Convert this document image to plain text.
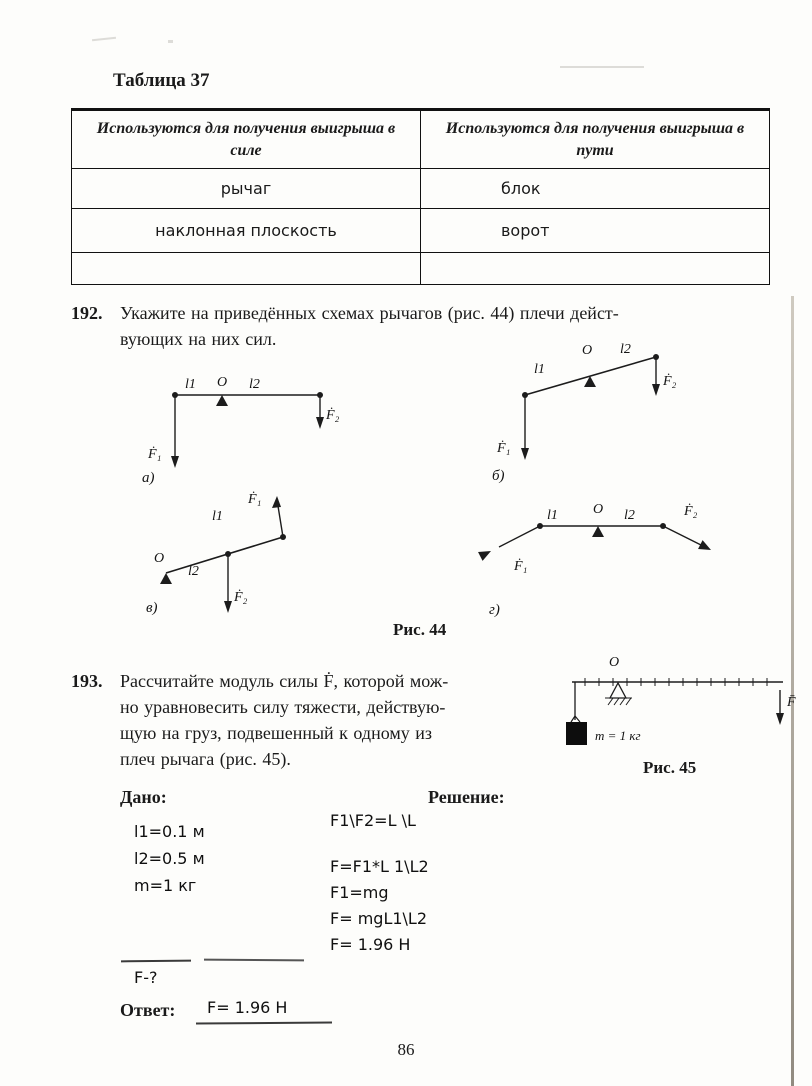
Таблица 37
Используются для получения выигрыша в силе	Используются для получения выигрыша в пути
рычаг	блок
наклонная плоскость	ворот

192. Укажите на приведённых схемах рычагов (рис. 44) плечи дейст-
вующих на них сил.
l1 O l2
Ḟ₁
Ḟ₂
а)
l1
O l2
Ḟ₁
Ḟ₂
б)
O
l1
l2
Ḟ₁
Ḟ₂
в)
l1	O l2
Ḟ₁
Ḟ₂
г)
Рис. 44
193. Рассчитайте модуль силы Ḟ, которой мож-
но уравновесить силу тяжести, действую-
щую на груз, подвешенный к одному из
плеч рычага (рис. 45).
O
F̄
m = 1 кг
Рис. 45
Дано:	Решение:
l1=0.1 м
l2=0.5 м
m=1 кг
F1\F2=L \L
F=F1*L 1\L2
F1=mg
F= mgL1\L2
F= 1.96 Н
F-?
Ответ: F= 1.96 Н
86
